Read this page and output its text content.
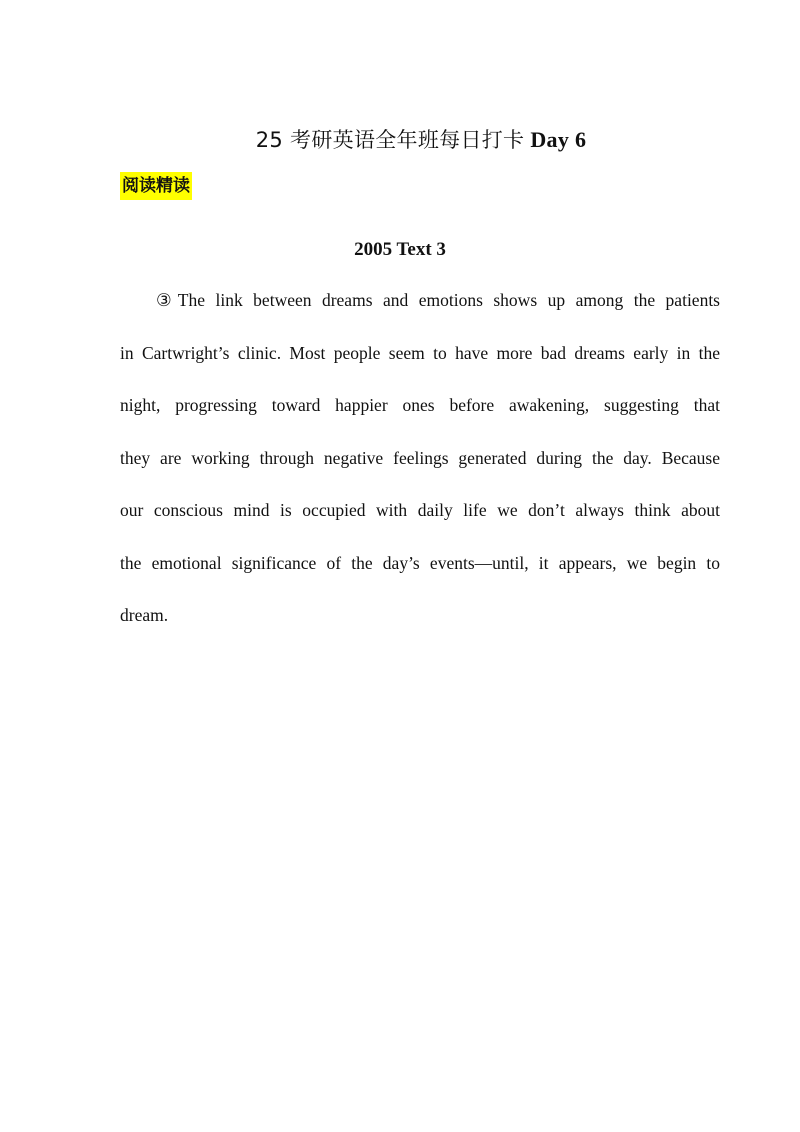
25 考研英语全年班每日打卡 Day 6
阅读精读
2005 Text 3
③The link between dreams and emotions shows up among the patients
in Cartwright’s clinic. Most people seem to have more bad dreams early in the
night, progressing toward happier ones before awakening, suggesting that
they are working through negative feelings generated during the day. Because
our conscious mind is occupied with daily life we don’t always think about
the emotional significance of the day’s events—until, it appears, we begin to
dream.
